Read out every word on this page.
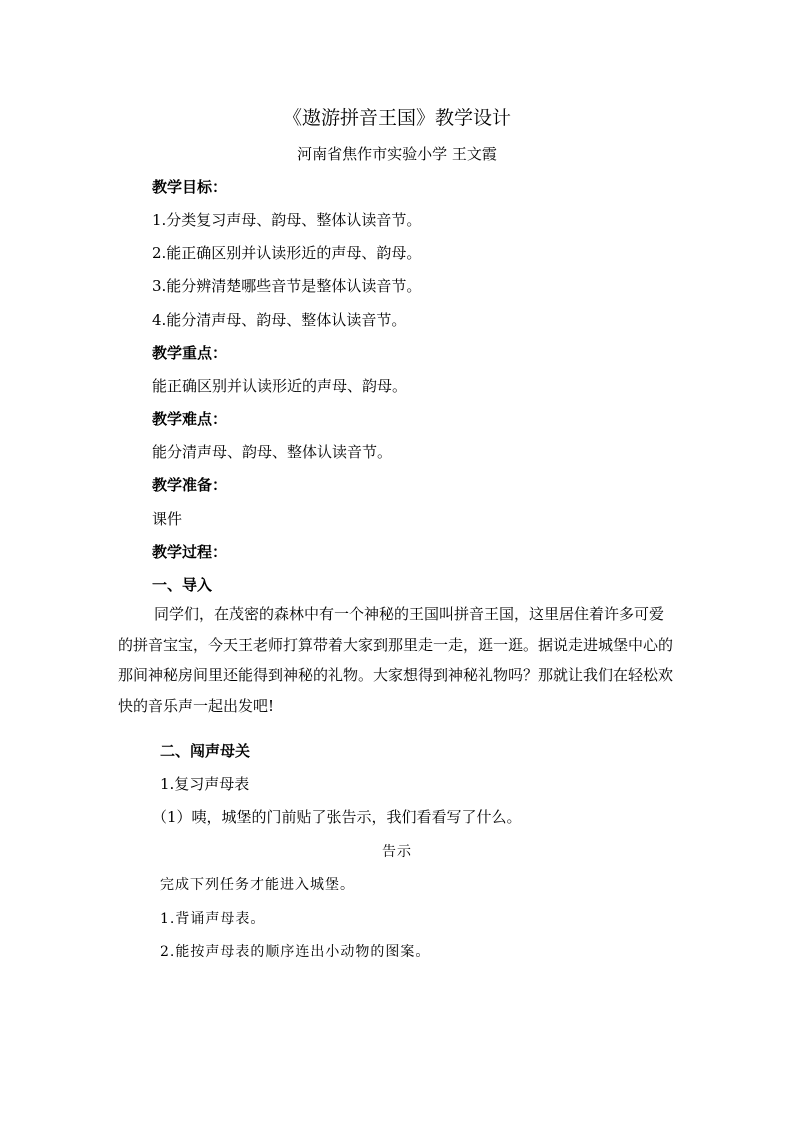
《遨游拼音王国》教学设计
河南省焦作市实验小学 王文霞
教学目标：
1.分类复习声母、韵母、整体认读音节。
2.能正确区别并认读形近的声母、韵母。
3.能分辨清楚哪些音节是整体认读音节。
4.能分清声母、韵母、整体认读音节。
教学重点：
能正确区别并认读形近的声母、韵母。
教学难点：
能分清声母、韵母、整体认读音节。
教学准备：
课件
教学过程：
一、导入
同学们，在茂密的森林中有一个神秘的王国叫拼音王国，这里居住着许多可爱的拼音宝宝，今天王老师打算带着大家到那里走一走，逛一逛。据说走进城堡中心的那间神秘房间里还能得到神秘的礼物。大家想得到神秘礼物吗？那就让我们在轻松欢快的音乐声一起出发吧!
二、闯声母关
1.复习声母表
（1）咦，城堡的门前贴了张告示，我们看看写了什么。
告示
完成下列任务才能进入城堡。
1.背诵声母表。
2.能按声母表的顺序连出小动物的图案。
